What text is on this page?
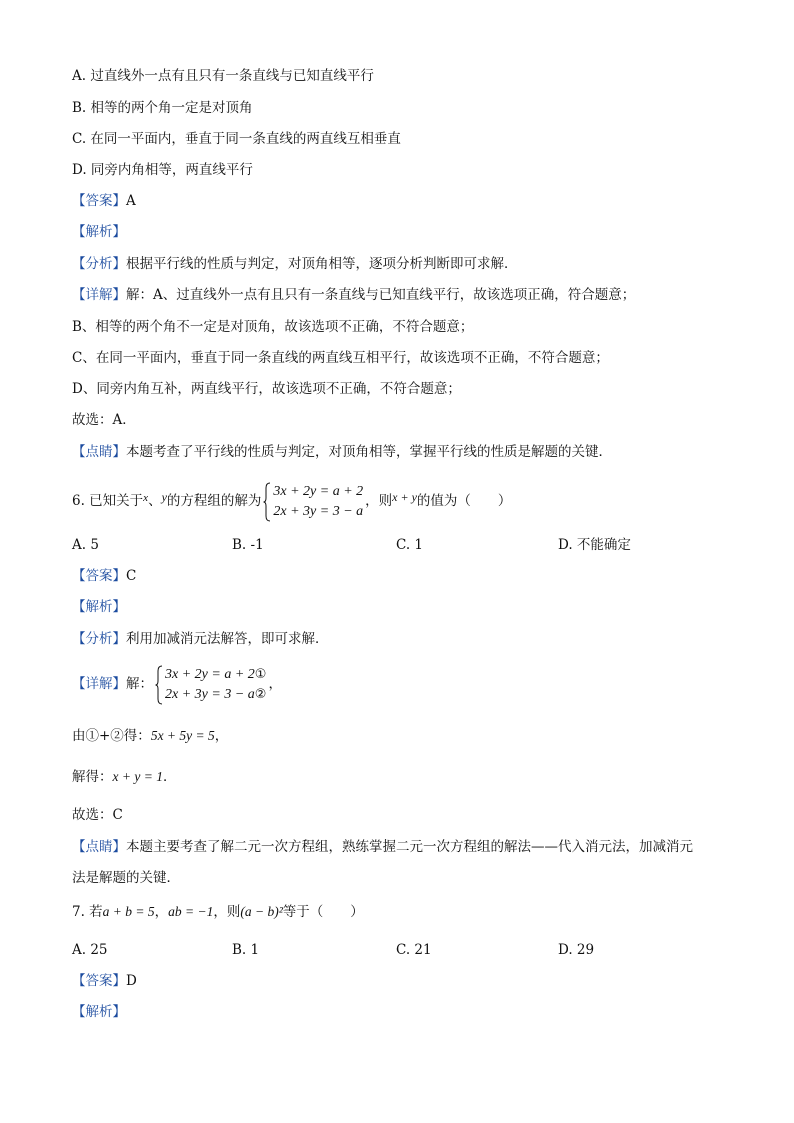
A. 过直线外一点有且只有一条直线与已知直线平行
B. 相等的两个角一定是对顶角
C. 在同一平面内，垂直于同一条直线的两直线互相垂直
D. 同旁内角相等，两直线平行
【答案】A
【解析】
【分析】根据平行线的性质与判定，对顶角相等，逐项分析判断即可求解．
【详解】解：A、过直线外一点有且只有一条直线与已知直线平行，故该选项正确，符合题意；
B、相等的两个角不一定是对顶角，故该选项不正确，不符合题意；
C、在同一平面内，垂直于同一条直线的两直线互相平行，故该选项不正确，不符合题意；
D、同旁内角互补，两直线平行，故该选项不正确，不符合题意；
故选：A．
【点睛】本题考查了平行线的性质与判定，对顶角相等，掌握平行线的性质是解题的关键．
6. 已知关于$^x$、y的方程组的解为
3x + 2y = a + 2
2x + 3y = 3 − a
，则x + y的值为（　　）
A. 5	B. -1	C. 1	D. 不能确定
【答案】C
【解析】
【分析】利用加减消元法解答，即可求解．
【详解】解：
3x + 2y = a + 2①
2x + 3y = 3 − a②
，
由①+②得：5x + 5y = 5，
解得：x + y = 1．
故选：C
【点睛】本题主要考查了解二元一次方程组，熟练掌握二元一次方程组的解法——代入消元法，加减消元
法是解题的关键．
7. 若a + b = 5，ab = −1，则(a − b)²等于（　　）
A. 25	B. 1	C. 21	D. 29
【答案】D
【解析】
